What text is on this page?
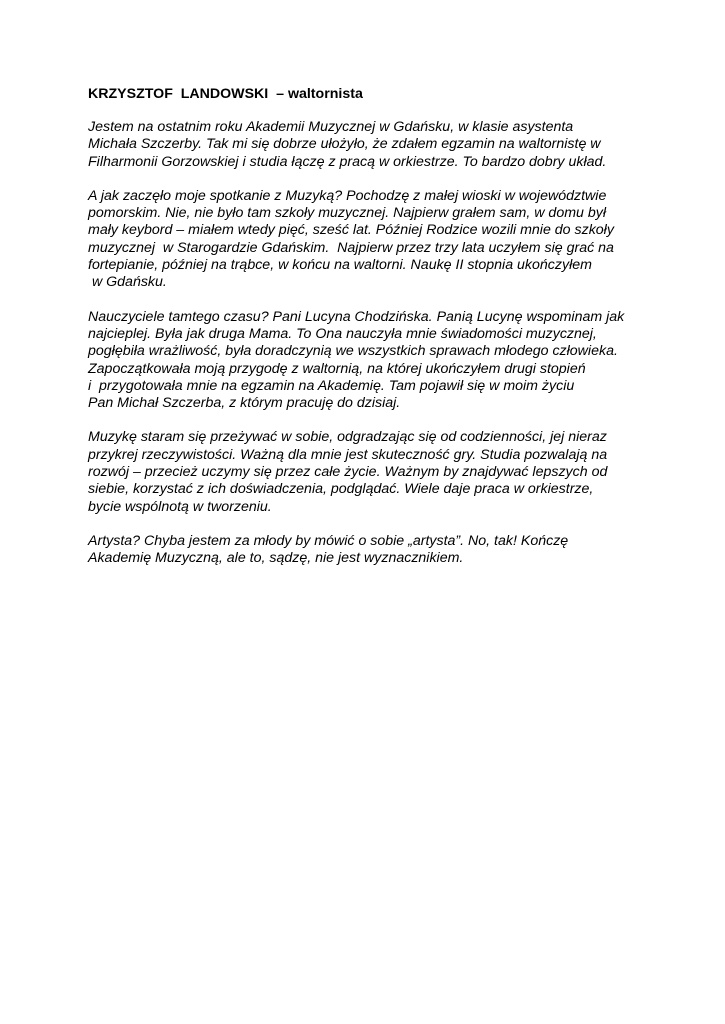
KRZYSZTOF  LANDOWSKI  – waltornista
Jestem na ostatnim roku Akademii Muzycznej w Gdańsku, w klasie asystenta
Michała Szczerby. Tak mi się dobrze ułożyło, że zdałem egzamin na waltornistę w
Filharmonii Gorzowskiej i studia łączę z pracą w orkiestrze. To bardzo dobry układ.
A jak zaczęło moje spotkanie z Muzyką? Pochodzę z małej wioski w województwie
pomorskim. Nie, nie było tam szkoły muzycznej. Najpierw grałem sam, w domu był
mały keybord – miałem wtedy pięć, sześć lat. Później Rodzice wozili mnie do szkoły
muzycznej  w Starogardzie Gdańskim.  Najpierw przez trzy lata uczyłem się grać na
fortepianie, później na trąbce, w końcu na waltorni. Naukę II stopnia ukończyłem
w Gdańsku.
Nauczyciele tamtego czasu? Pani Lucyna Chodzińska. Panią Lucynę wspominam jak
najcieplej. Była jak druga Mama. To Ona nauczyła mnie świadomości muzycznej,
pogłębiła wrażliwość, była doradczynią we wszystkich sprawach młodego człowieka.
Zapoczątkowała moją przygodę z waltornią, na której ukończyłem drugi stopień
i  przygotowała mnie na egzamin na Akademię. Tam pojawił się w moim życiu
Pan Michał Szczerba, z którym pracuję do dzisiaj.
Muzykę staram się przeżywać w sobie, odgradzając się od codzienności, jej nieraz
przykrej rzeczywistości. Ważną dla mnie jest skuteczność gry. Studia pozwalają na
rozwój – przecież uczymy się przez całe życie. Ważnym by znajdywać lepszych od
siebie, korzystać z ich doświadczenia, podglądać. Wiele daje praca w orkiestrze,
bycie wspólnotą w tworzeniu.
Artysta? Chyba jestem za młody by mówić o sobie „artysta”. No, tak! Kończę
Akademię Muzyczną, ale to, sądzę, nie jest wyznacznikiem.
